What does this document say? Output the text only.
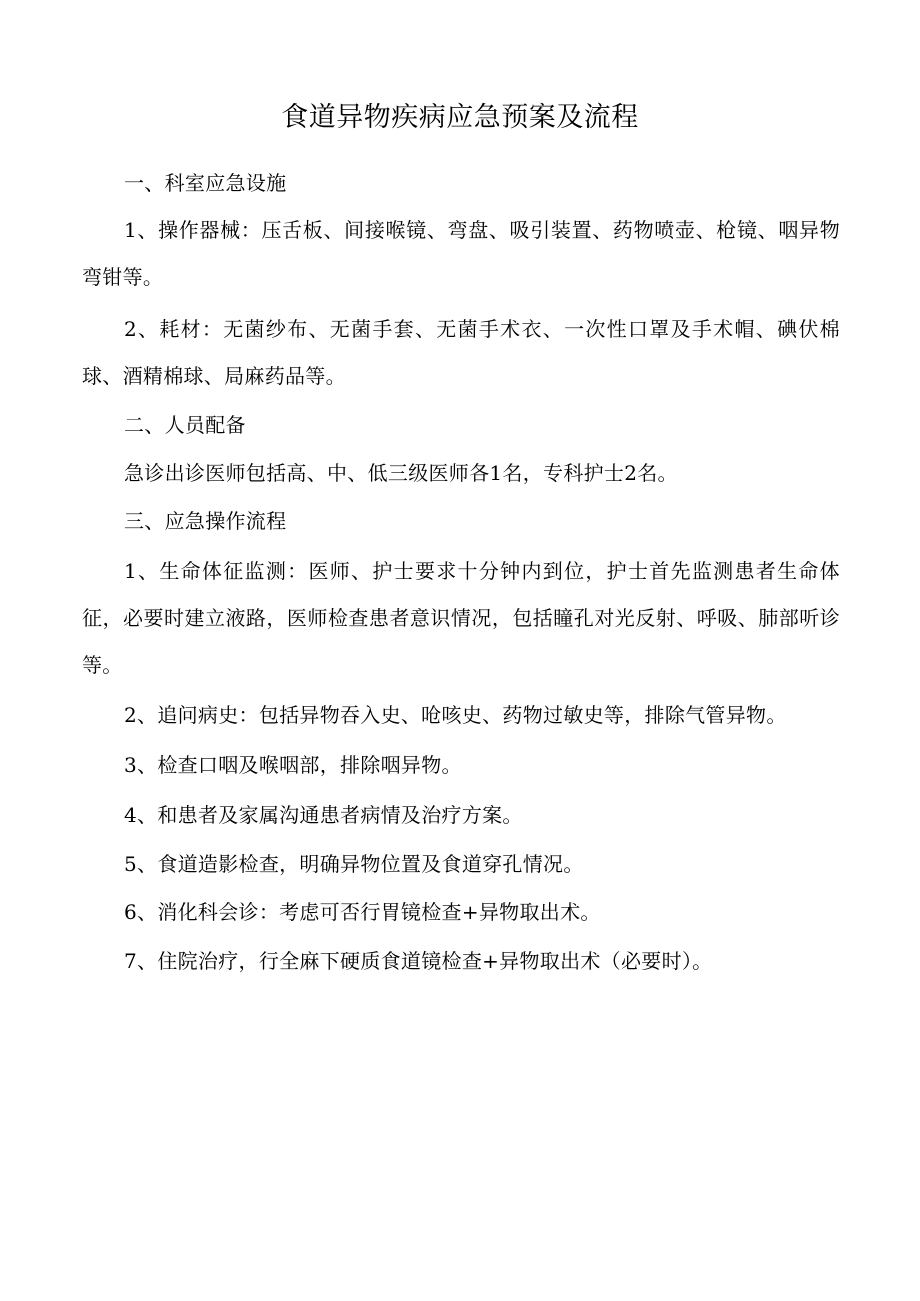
食道异物疾病应急预案及流程

一、科室应急设施

1、操作器械：压舌板、间接喉镜、弯盘、吸引装置、药物喷壶、枪镜、咽异物弯钳等。

2、耗材：无菌纱布、无菌手套、无菌手术衣、一次性口罩及手术帽、碘伏棉球、酒精棉球、局麻药品等。

二、人员配备

急诊出诊医师包括高、中、低三级医师各1名，专科护士2名。

三、应急操作流程

1、生命体征监测：医师、护士要求十分钟内到位，护士首先监测患者生命体征，必要时建立液路，医师检查患者意识情况，包括瞳孔对光反射、呼吸、肺部听诊等。

2、追问病史：包括异物吞入史、呛咳史、药物过敏史等，排除气管异物。

3、检查口咽及喉咽部，排除咽异物。

4、和患者及家属沟通患者病情及治疗方案。

5、食道造影检查，明确异物位置及食道穿孔情况。

6、消化科会诊：考虑可否行胃镜检查+异物取出术。

7、住院治疗，行全麻下硬质食道镜检查+异物取出术（必要时）。
